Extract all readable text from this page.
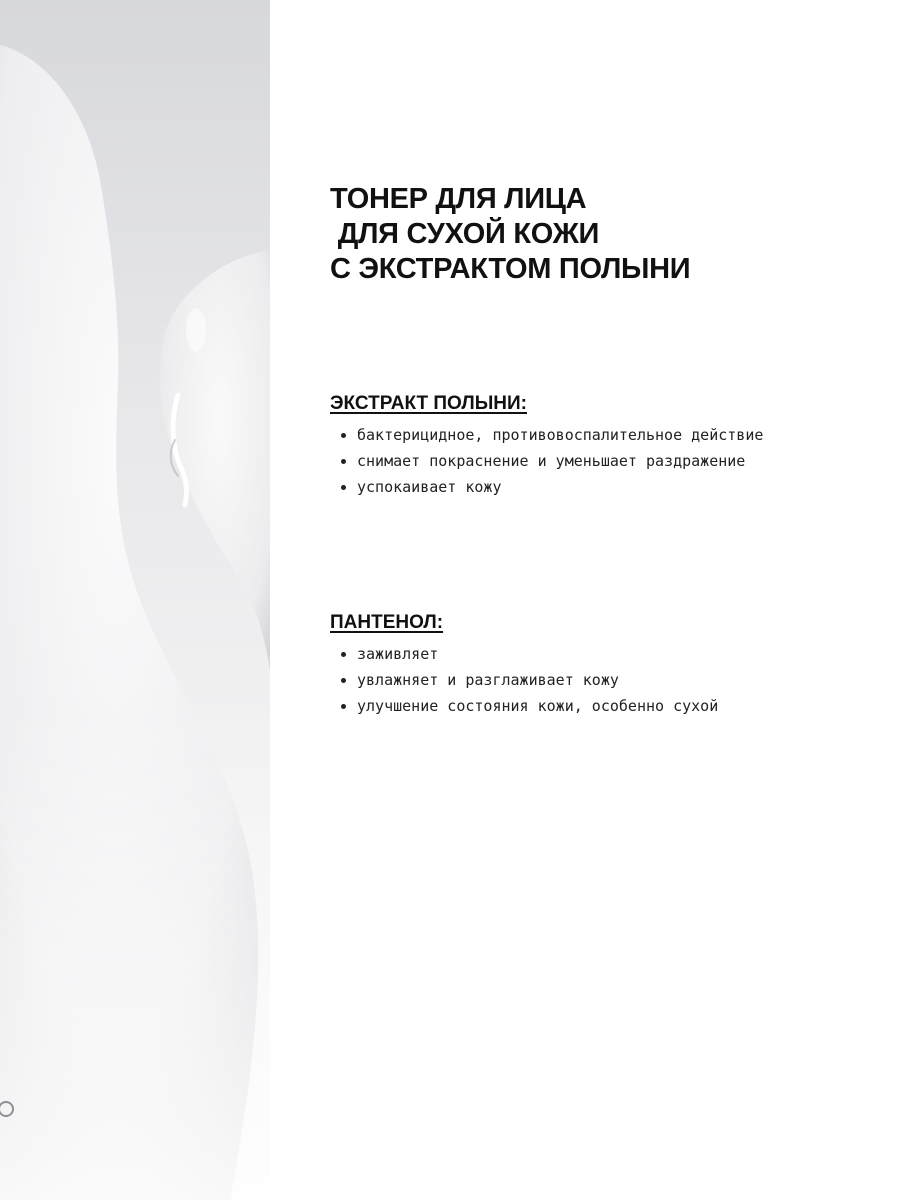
ТОНЕР ДЛЯ ЛИЦА
ДЛЯ СУХОЙ КОЖИ
С ЭКСТРАКТОМ ПОЛЫНИ
ЭКСТРАКТ ПОЛЫНИ:
бактерицидное, противовоспалительное действие
снимает покраснение и уменьшает раздражение
успокаивает кожу
ПАНТЕНОЛ:
заживляет
увлажняет и разглаживает кожу
улучшение состояния кожи, особенно сухой
